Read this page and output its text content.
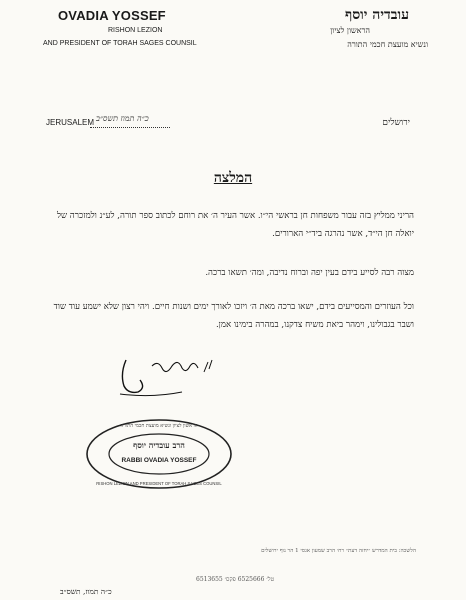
OVADIA YOSSEF
RISHON LEZION
AND PRESIDENT OF TORAH SAGES COUNSIL
עובדיה יוסף
הראשון לציון
ונשיא מועצת חכמי התורה
JERUSALEM כ״ה תמוז תשס״ב	ירושלים
המלצה
הריני ממליץ בזה עבור משפחות חן בראשי הי״ו. אשר העיר ה׳ את רוחם לכתוב ספר תורה, לע״נ ולמזכרה של יואלה חן הי״ד, אשר נהרגה ביד״י הארורים.
מצוה רבה לסייע בידם בעין יפה וברוח נדיבה, ומה׳ תשאו ברכה.
וכל העוזרים והמסייעים בידם, ישאו ברכה מאת ה׳ ויזכו לאורך ימים ושנות חיים. ויהי רצון שלא ישמע עוד שוד ושבר בגבולינו, וימהר ביאת משיח צדקנו, במהרה בימינו אמן.
הרב עובדיה יוסף
RABBI OVADIA YOSSEF
הראשון לציון ונשיא מועצת חכמי התורה
RISHON LEZION AND PRESIDENT OF TORAH SAGES COUNSIL
הלשכה: בית המדרש ״יחזה דעת״ רח׳ הרב שמעון אגסי 1 הר נוף ירושלים
טל׳ 6525666 פקס׳ 6513655
כ״ה תמוז, תשס״ב
